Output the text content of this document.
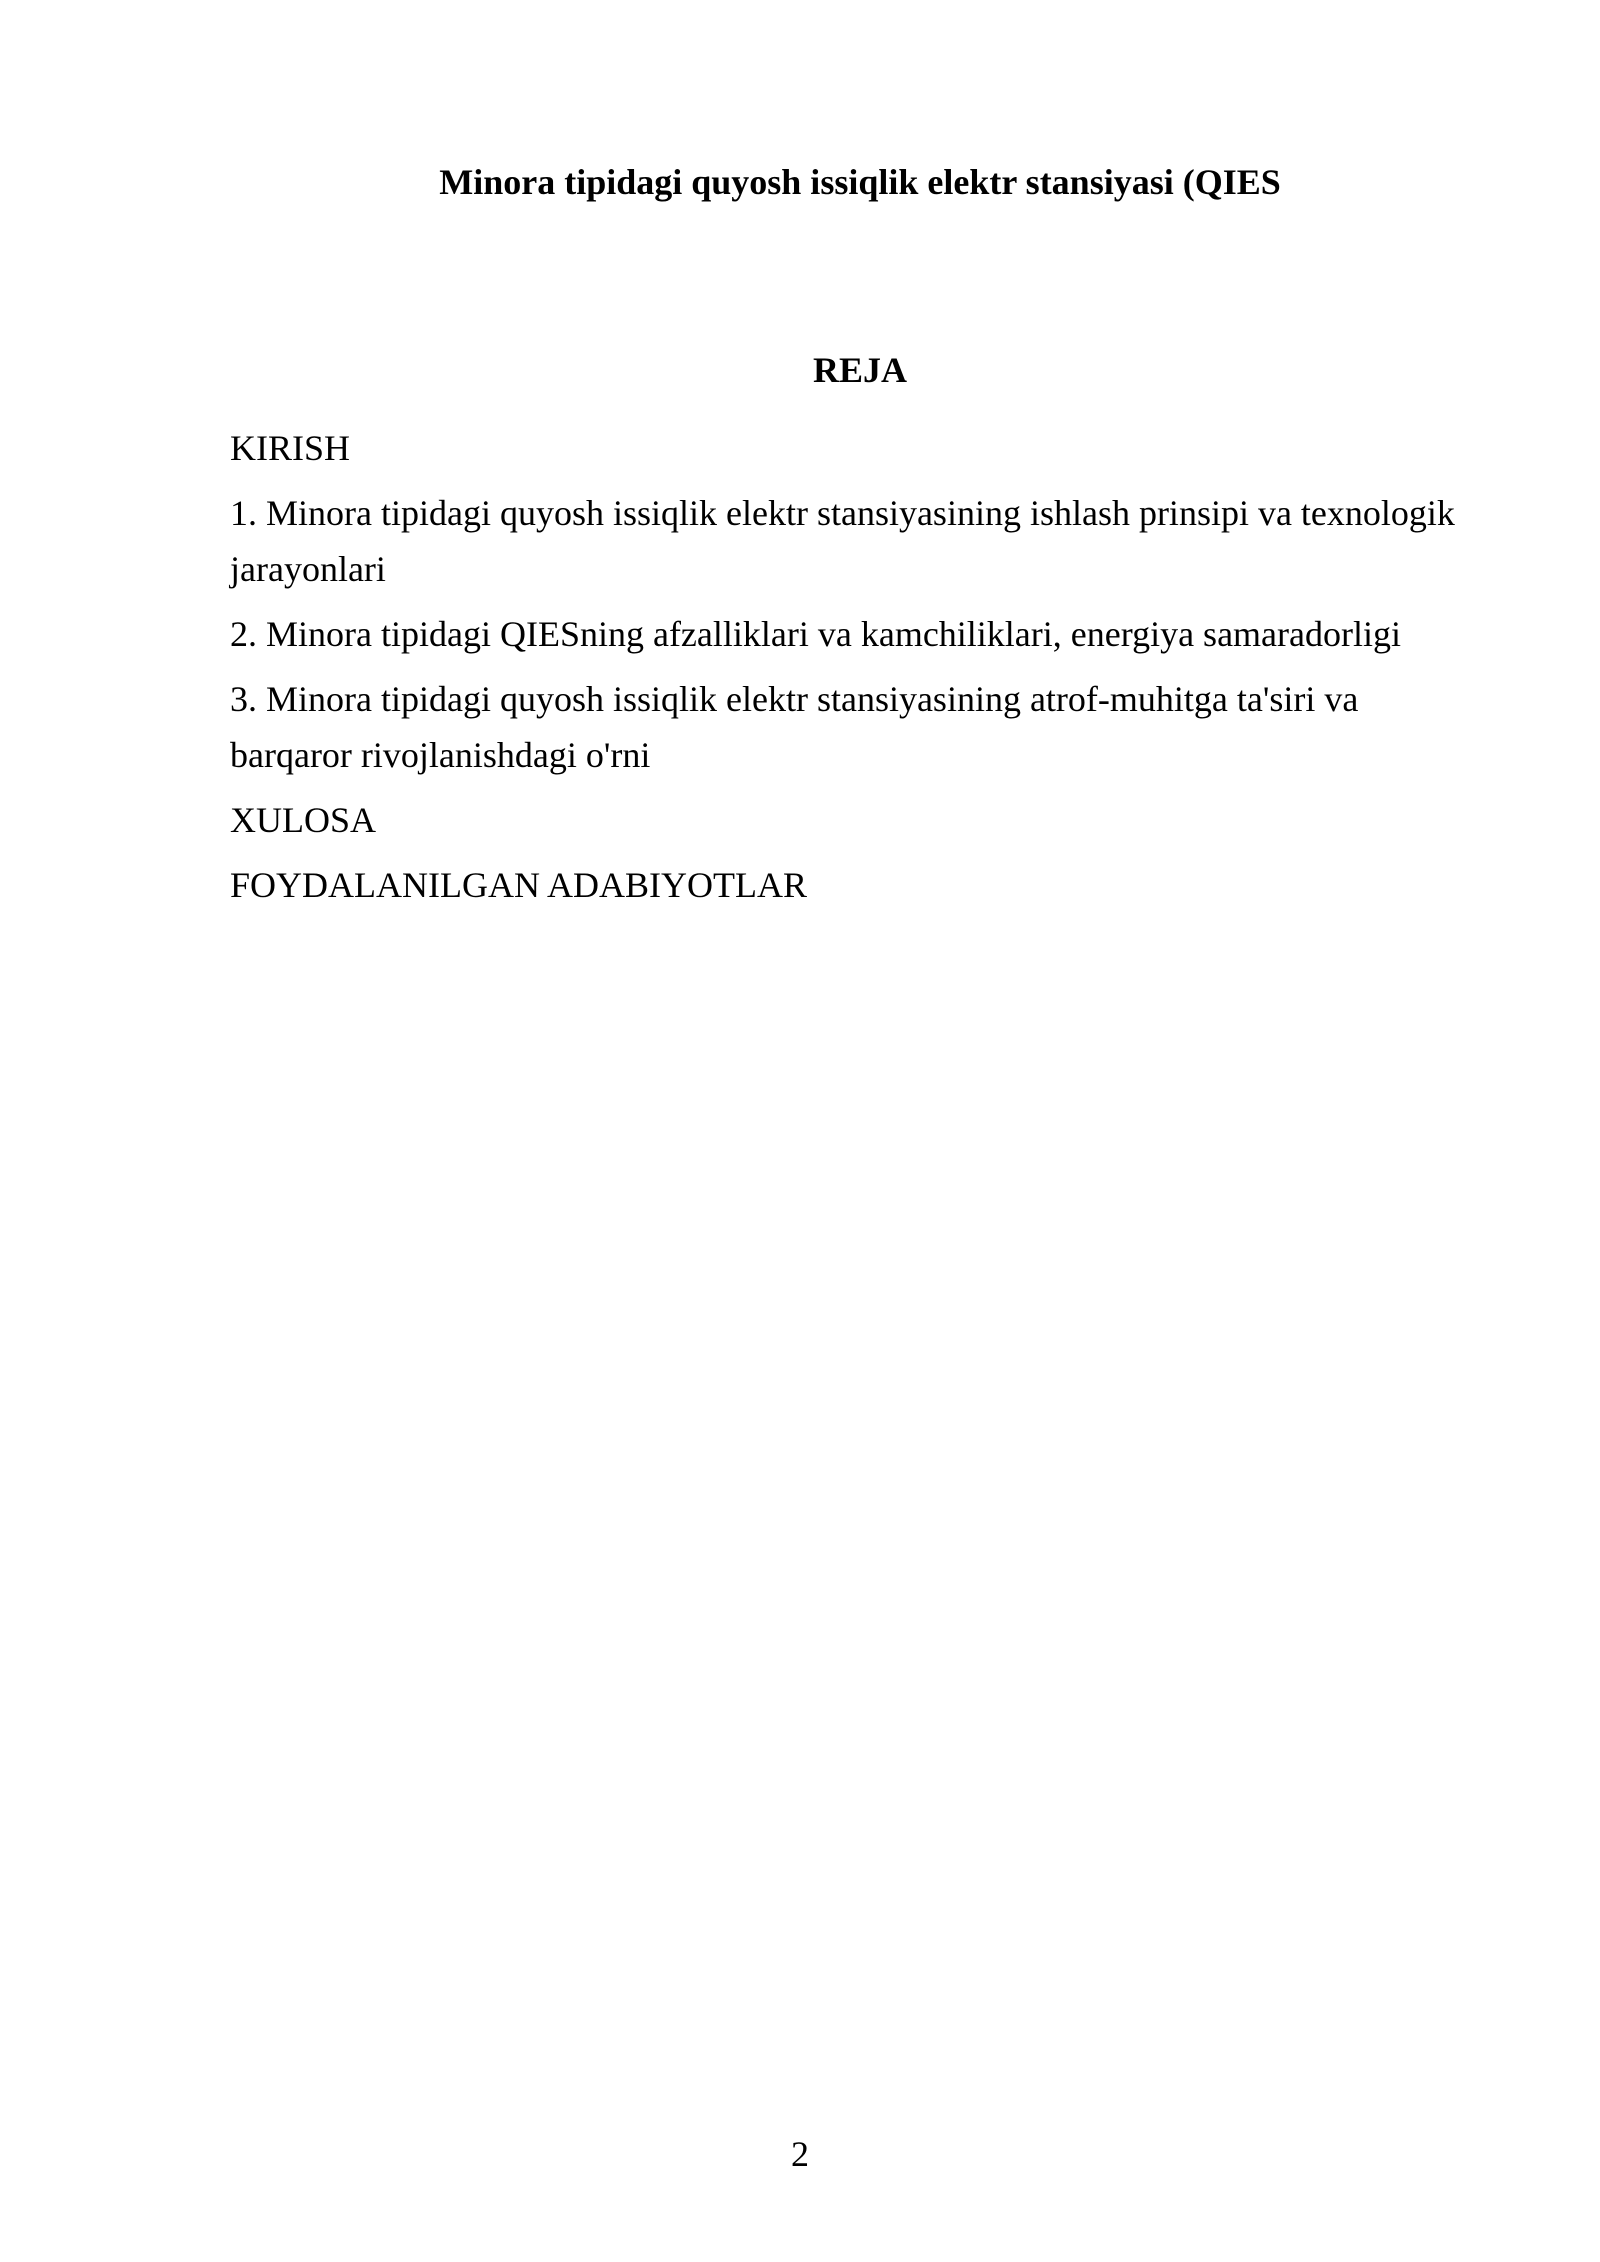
Minora tipidagi quyosh issiqlik elektr stansiyasi (QIES
REJA
KIRISH
1. Minora tipidagi quyosh issiqlik elektr stansiyasining ishlash prinsipi va texnologik jarayonlari
2. Minora tipidagi QIESning afzalliklari va kamchiliklari, energiya samaradorligi
3. Minora tipidagi quyosh issiqlik elektr stansiyasining atrof-muhitga ta'siri va barqaror rivojlanishdagi o'rni
XULOSA
FOYDALANILGAN ADABIYOTLAR
2
